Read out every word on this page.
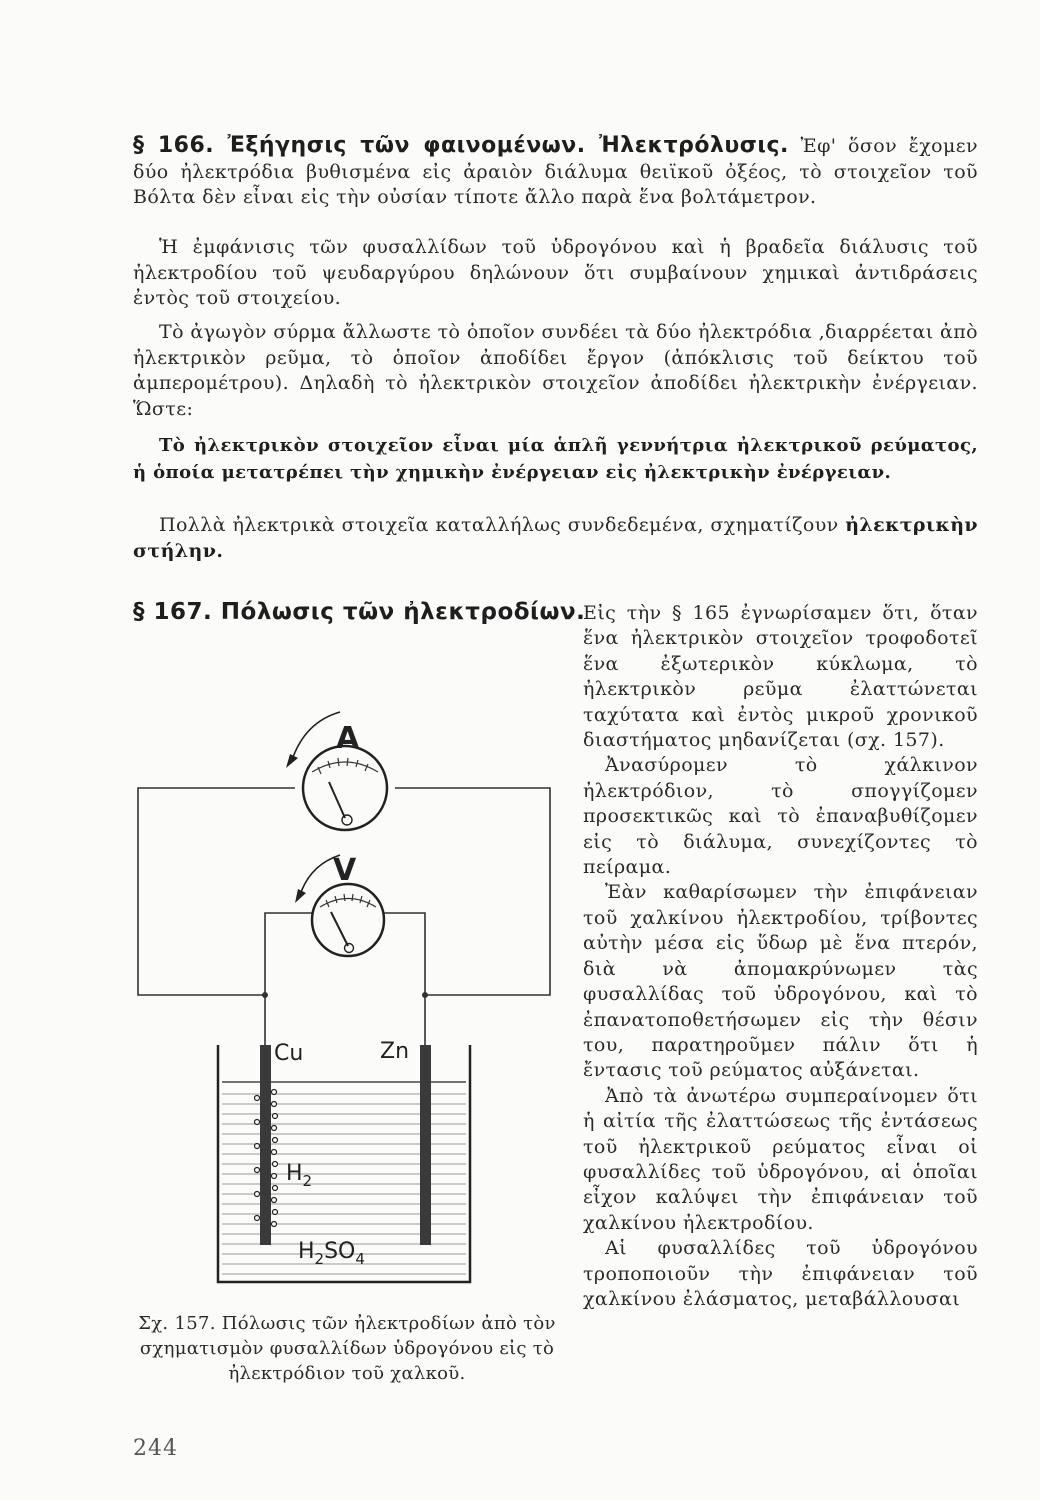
§ 166. Ἐξήγησις τῶν φαινομένων. Ἠλεκτρόλυσις. Ἐφ' ὅσον ἔχομεν δύο ἠλεκτρόδια βυθισμένα εἰς ἀραιὸν διάλυμα θειϊκοῦ ὀξέος, τὸ στοιχεῖον τοῦ Βόλτα δὲν εἶναι εἰς τὴν οὐσίαν τίποτε ἄλλο παρὰ ἕνα βολτάμετρον.

Ἡ ἐμφάνισις τῶν φυσαλλίδων τοῦ ὑδρογόνου καὶ ἡ βραδεῖα διάλυσις τοῦ ἠλεκτροδίου τοῦ ψευδαργύρου δηλώνουν ὅτι συμβαίνουν χημικαὶ ἀντιδράσεις ἐντὸς τοῦ στοιχείου.

Τὸ ἀγωγὸν σύρμα ἄλλωστε τὸ ὁποῖον συνδέει τὰ δύο ἠλεκτρόδια ,διαρρέεται ἀπὸ ἠλεκτρικὸν ρεῦμα, τὸ ὁποῖον ἀποδίδει ἔργον (ἀπόκλισις τοῦ δείκτου τοῦ ἀμπερομέτρου). Δηλαδὴ τὸ ἠλεκτρικὸν στοιχεῖον ἀποδίδει ἠλεκτρικὴν ἐνέργειαν. Ὥστε:

Τὸ ἠλεκτρικὸν στοιχεῖον εἶναι μία ἁπλῆ γεννήτρια ἠλεκτρικοῦ ρεύματος, ἡ ὁποία μετατρέπει τὴν χημικὴν ἐνέργειαν εἰς ἠλεκτρικὴν ἐνέργειαν.

Πολλὰ ἠλεκτρικὰ στοιχεῖα καταλλήλως συνδεδεμένα, σχηματίζουν ἠλεκτρικὴν στήλην.

§ 167. Πόλωσις τῶν ἠλεκτροδίων.

Εἰς τὴν § 165 ἐγνωρίσαμεν ὅτι, ὅταν ἕνα ἠλεκτρικὸν στοιχεῖον τροφοδοτεῖ ἕνα ἐξωτερικὸν κύκλωμα, τὸ ἠλεκτρικὸν ρεῦμα ἐλαττώνεται ταχύτατα καὶ ἐντὸς μικροῦ χρονικοῦ διαστήματος μηδανίζεται (σχ. 157).

Ἀνασύρομεν τὸ χάλκινον ἠλεκτρόδιον, τὸ σπογγίζομεν προσεκτικῶς καὶ τὸ ἐπαναβυθίζομεν εἰς τὸ διάλυμα, συνεχίζοντες τὸ πείραμα.

Ἐὰν καθαρίσωμεν τὴν ἐπιφάνειαν τοῦ χαλκίνου ἠλεκτροδίου, τρίβοντες αὐτὴν μέσα εἰς ὕδωρ μὲ ἕνα πτερόν, διὰ νὰ ἀπομακρύνωμεν τὰς φυσαλλίδας τοῦ ὑδρογόνου, καὶ τὸ ἐπανατοποθετήσωμεν εἰς τὴν θέσιν του, παρατηροῦμεν πάλιν ὅτι ἡ ἔντασις τοῦ ρεύματος αὐξάνεται.

Ἀπὸ τὰ ἀνωτέρω συμπεραίνομεν ὅτι ἡ αἰτία τῆς ἐλαττώσεως τῆς ἐντάσεως τοῦ ἠλεκτρικοῦ ρεύματος εἶναι οἱ φυσαλλίδες τοῦ ὑδρογόνου, αἱ ὁποῖαι εἶχον καλύψει τὴν ἐπιφάνειαν τοῦ χαλκίνου ἠλεκτροδίου.

Αἱ φυσαλλίδες τοῦ ὑδρογόνου τροποποιοῦν τὴν ἐπιφάνειαν τοῦ χαλκίνου ἐλάσματος, μεταβάλλουσαι

A
V
Cu	Zn
$H_2$
$H_2SO_4$
Σχ. 157. Πόλωσις τῶν ἠλεκτροδίων ἀπὸ τὸν σχηματισμὸν φυσαλλίδων ὑδρογόνου εἰς τὸ ἠλεκτρόδιον τοῦ χαλκοῦ.
244
